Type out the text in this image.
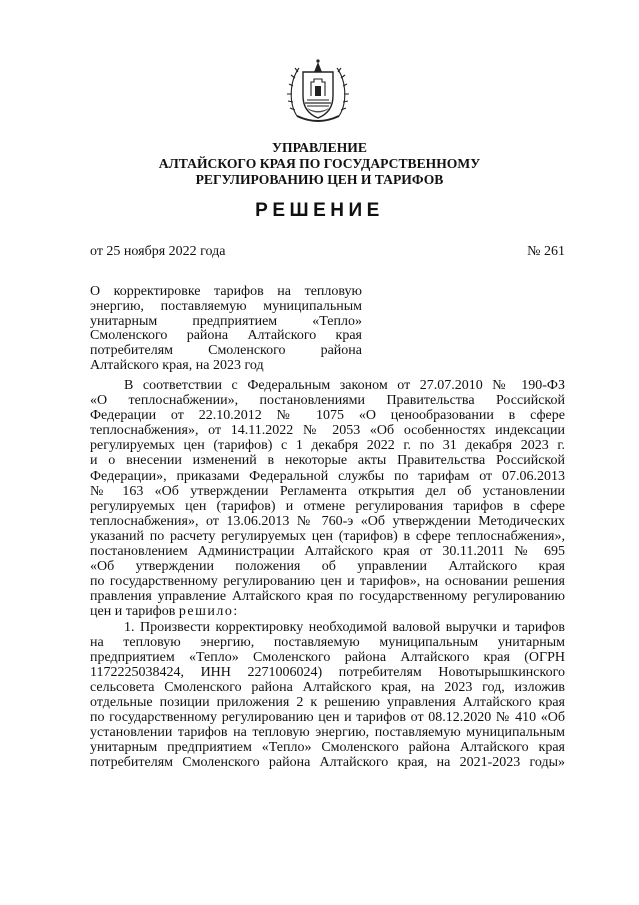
УПРАВЛЕНИЕ
АЛТАЙСКОГО КРАЯ ПО ГОСУДАРСТВЕННОМУ
РЕГУЛИРОВАНИЮ ЦЕН И ТАРИФОВ
РЕШЕНИЕ
от 25 ноября 2022 года	№ 261
О корректировке тарифов на тепловую
энергию, поставляемую муниципальным
унитарным предприятием «Тепло»
Смоленского района Алтайского края
потребителям Смоленского района
Алтайского края, на 2023 год
В соответствии с Федеральным законом от 27.07.2010 № 190-ФЗ
«О теплоснабжении», постановлениями Правительства Российской
Федерации от 22.10.2012 № 1075 «О ценообразовании в сфере
теплоснабжения», от 14.11.2022 № 2053 «Об особенностях индексации
регулируемых цен (тарифов) с 1 декабря 2022 г. по 31 декабря 2023 г.
и о внесении изменений в некоторые акты Правительства Российской
Федерации», приказами Федеральной службы по тарифам от 07.06.2013
№ 163 «Об утверждении Регламента открытия дел об установлении
регулируемых цен (тарифов) и отмене регулирования тарифов в сфере
теплоснабжения», от 13.06.2013 № 760-э «Об утверждении Методических
указаний по расчету регулируемых цен (тарифов) в сфере теплоснабжения»,
постановлением Администрации Алтайского края от 30.11.2011 № 695
«Об утверждении положения об управлении Алтайского края
по государственному регулированию цен и тарифов», на основании решения
правления управление Алтайского края по государственному регулированию
цен и тарифов решило:
1. Произвести корректировку необходимой валовой выручки и тарифов
на тепловую энергию, поставляемую муниципальным унитарным
предприятием «Тепло» Смоленского района Алтайского края (ОГРН
1172225038424, ИНН 2271006024) потребителям Новотырышкинского
сельсовета Смоленского района Алтайского края, на 2023 год, изложив
отдельные позиции приложения 2 к решению управления Алтайского края
по государственному регулированию цен и тарифов от 08.12.2020 № 410 «Об
установлении тарифов на тепловую энергию, поставляемую муниципальным
унитарным предприятием «Тепло» Смоленского района Алтайского края
потребителям Смоленского района Алтайского края, на 2021-2023 годы»
